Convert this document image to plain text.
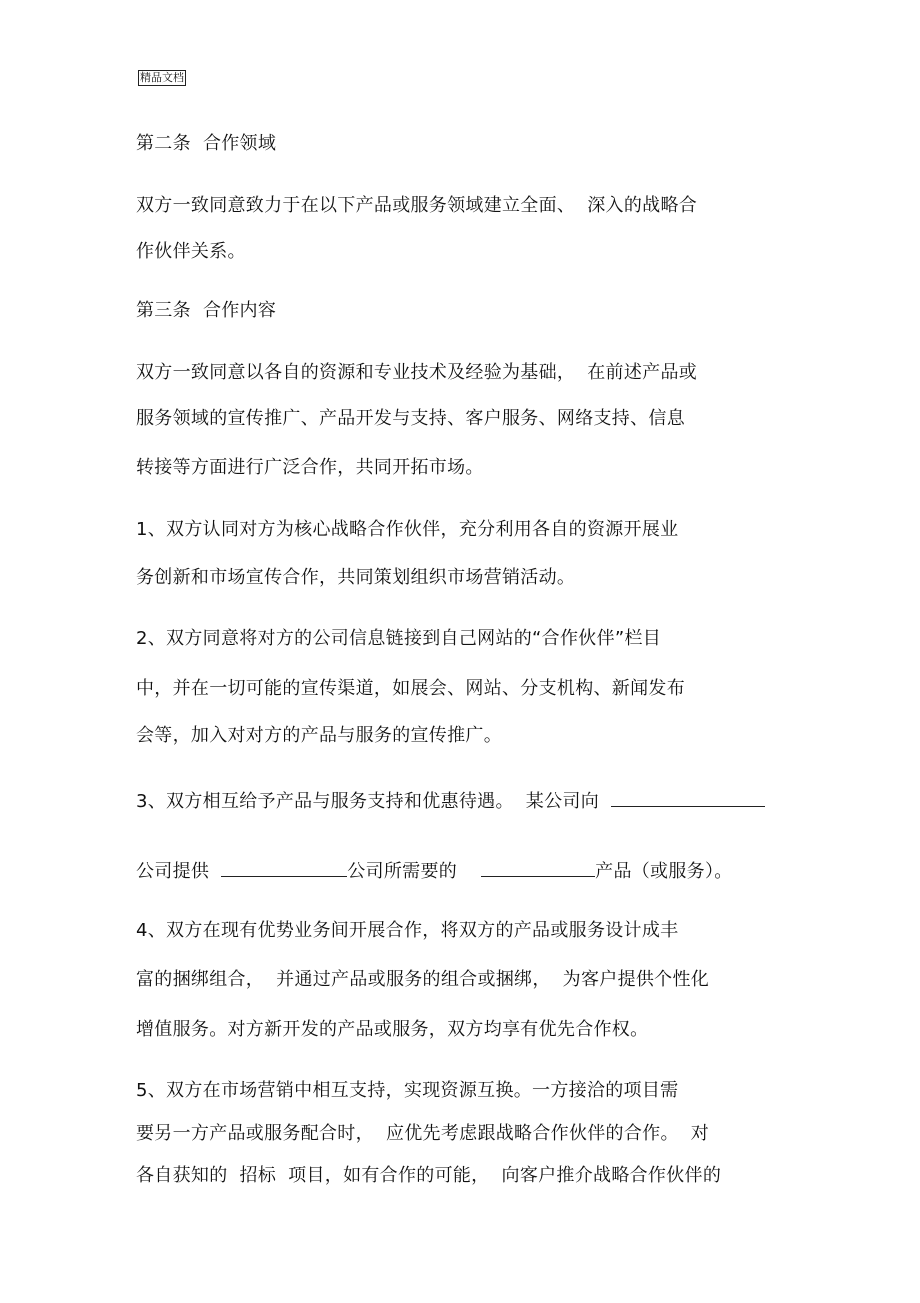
精品文档
第二条  合作领域
双方一致同意致力于在以下产品或服务领域建立全面、  深入的战略合
作伙伴关系。
第三条  合作内容
双方一致同意以各自的资源和专业技术及经验为基础，  在前述产品或
服务领域的宣传推广、产品开发与支持、客户服务、网络支持、信息
转接等方面进行广泛合作，共同开拓市场。
1、双方认同对方为核心战略合作伙伴，充分利用各自的资源开展业
务创新和市场宣传合作，共同策划组织市场营销活动。
2、双方同意将对方的公司信息链接到自己网站的“合作伙伴”栏目
中，并在一切可能的宣传渠道，如展会、网站、分支机构、新闻发布
会等，加入对对方的产品与服务的宣传推广。
3、双方相互给予产品与服务支持和优惠待遇。  某公司向
公司提供	公司所需要的	产品（或服务）。
4、双方在现有优势业务间开展合作，将双方的产品或服务设计成丰
富的捆绑组合，  并通过产品或服务的组合或捆绑，  为客户提供个性化
增值服务。对方新开发的产品或服务，双方均享有优先合作权。
5、双方在市场营销中相互支持，实现资源互换。一方接洽的项目需
要另一方产品或服务配合时，  应优先考虑跟战略合作伙伴的合作。  对
各自获知的  招标  项目，如有合作的可能，  向客户推介战略合作伙伴的
